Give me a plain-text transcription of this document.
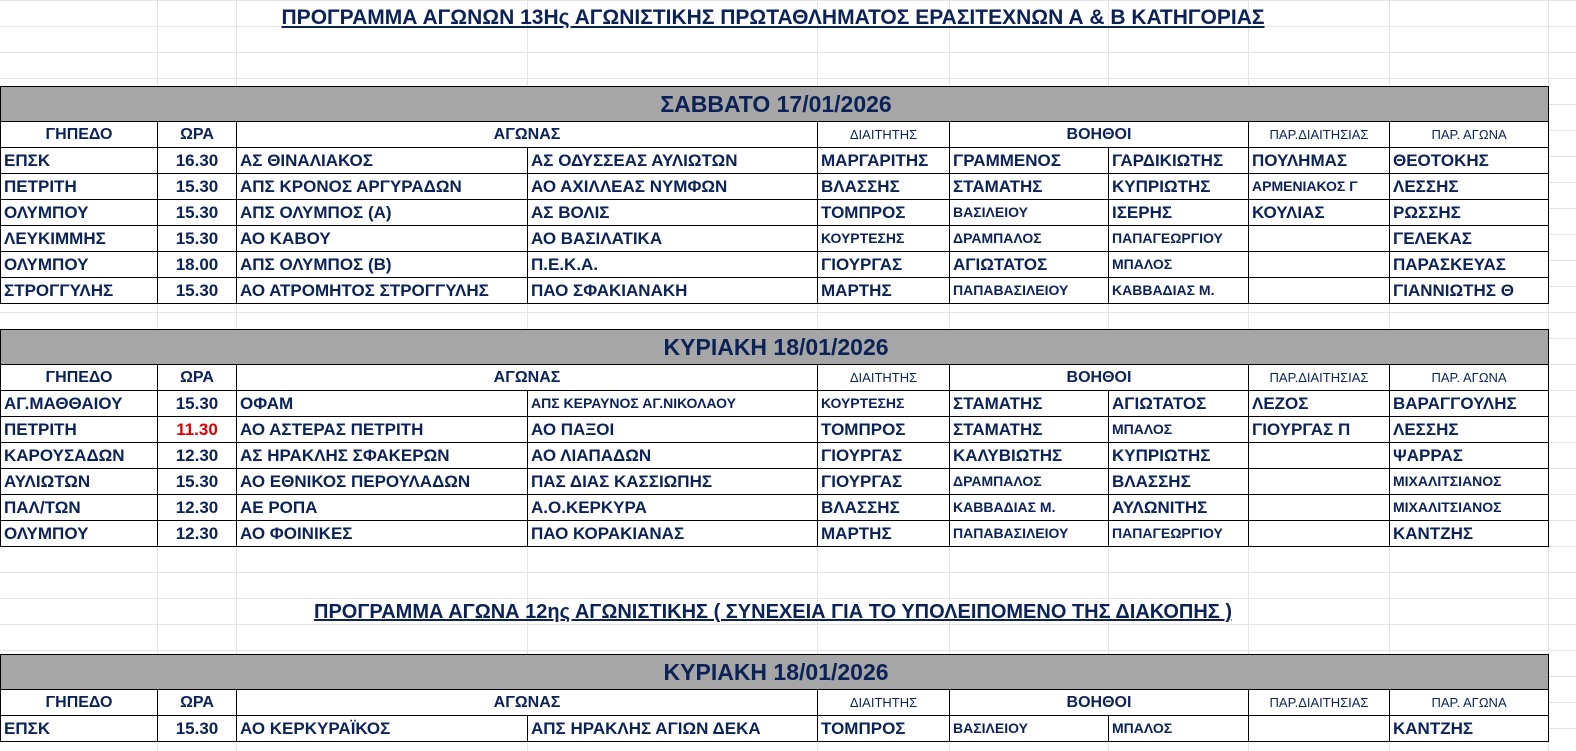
ΠΡΟΓΡΑΜΜΑ ΑΓΩΝΩΝ 13Ης ΑΓΩΝΙΣΤΙΚΗΣ ΠΡΩΤΑΘΛΗΜΑΤΟΣ ΕΡΑΣΙΤΕΧΝΩΝ Α & Β ΚΑΤΗΓΟΡΙΑΣ
ΣΑΒΒΑΤΟ 17/01/2026								
ΓΗΠΕΔΟ	ΩΡΑ	ΑΓΩΝΑΣ		ΔΙΑΙΤΗΤΗΣ	ΒΟΗΘΟΙ		ΠΑΡ.ΔΙΑΙΤΗΣΙΑΣ	ΠΑΡ. ΑΓΩΝΑ
ΕΠΣΚ	16.30	ΑΣ ΘΙΝΑΛΙΑΚΟΣ	ΑΣ ΟΔΥΣΣΕΑΣ ΑΥΛΙΩΤΩΝ	ΜΑΡΓΑΡΙΤΗΣ	ΓΡΑΜΜΕΝΟΣ	ΓΑΡΔΙΚΙΩΤΗΣ	ΠΟΥΛΗΜΑΣ	ΘΕΟΤΟΚΗΣ
ΠΕΤΡΙΤΗ	15.30	ΑΠΣ ΚΡΟΝΟΣ ΑΡΓΥΡΑΔΩΝ	ΑΟ ΑΧΙΛΛΕΑΣ ΝΥΜΦΩΝ	ΒΛΑΣΣΗΣ	ΣΤΑΜΑΤΗΣ	ΚΥΠΡΙΩΤΗΣ	ΑΡΜΕΝΙΑΚΟΣ Γ	ΛΕΣΣΗΣ
ΟΛΥΜΠΟΥ	15.30	ΑΠΣ ΟΛΥΜΠΟΣ (Α)	ΑΣ ΒΟΛΙΣ	ΤΟΜΠΡΟΣ	ΒΑΣΙΛΕΙΟΥ	ΙΣΕΡΗΣ	ΚΟΥΛΙΑΣ	ΡΩΣΣΗΣ
ΛΕΥΚΙΜΜΗΣ	15.30	ΑΟ ΚΑΒΟΥ	ΑΟ ΒΑΣΙΛΑΤΙΚΑ	ΚΟΥΡΤΕΣΗΣ	ΔΡΑΜΠΑΛΟΣ	ΠΑΠΑΓΕΩΡΓΙΟΥ		ΓΕΛΕΚΑΣ
ΟΛΥΜΠΟΥ	18.00	ΑΠΣ ΟΛΥΜΠΟΣ (Β)	Π.Ε.Κ.Α.	ΓΙΟΥΡΓΑΣ	ΑΓΙΩΤΑΤΟΣ	ΜΠΑΛΟΣ		ΠΑΡΑΣΚΕΥΑΣ
ΣΤΡΟΓΓΥΛΗΣ	15.30	ΑΟ ΑΤΡΟΜΗΤΟΣ ΣΤΡΟΓΓΥΛΗΣ	ΠΑΟ ΣΦΑΚΙΑΝΑΚΗ	ΜΑΡΤΗΣ	ΠΑΠΑΒΑΣΙΛΕΙΟΥ	ΚΑΒΒΑΔΙΑΣ Μ.		ΓΙΑΝΝΙΩΤΗΣ Θ
ΚΥΡΙΑΚΗ 18/01/2026								
ΓΗΠΕΔΟ	ΩΡΑ	ΑΓΩΝΑΣ		ΔΙΑΙΤΗΤΗΣ	ΒΟΗΘΟΙ		ΠΑΡ.ΔΙΑΙΤΗΣΙΑΣ	ΠΑΡ. ΑΓΩΝΑ
ΑΓ.ΜΑΘΘΑΙΟΥ	15.30	ΟΦΑΜ	ΑΠΣ ΚΕΡΑΥΝΟΣ ΑΓ.ΝΙΚΟΛΑΟΥ	ΚΟΥΡΤΕΣΗΣ	ΣΤΑΜΑΤΗΣ	ΑΓΙΩΤΑΤΟΣ	ΛΕΖΟΣ	ΒΑΡΑΓΓΟΥΛΗΣ
ΠΕΤΡΙΤΗ	11.30	ΑΟ ΑΣΤΕΡΑΣ ΠΕΤΡΙΤΗ	ΑΟ ΠΑΞΟΙ	ΤΟΜΠΡΟΣ	ΣΤΑΜΑΤΗΣ	ΜΠΑΛΟΣ	ΓΙΟΥΡΓΑΣ Π	ΛΕΣΣΗΣ
ΚΑΡΟΥΣΑΔΩΝ	12.30	ΑΣ ΗΡΑΚΛΗΣ ΣΦΑΚΕΡΩΝ	ΑΟ ΛΙΑΠΑΔΩΝ	ΓΙΟΥΡΓΑΣ	ΚΑΛΥΒΙΩΤΗΣ	ΚΥΠΡΙΩΤΗΣ		ΨΑΡΡΑΣ
ΑΥΛΙΩΤΩΝ	15.30	ΑΟ ΕΘΝΙΚΟΣ ΠΕΡΟΥΛΑΔΩΝ	ΠΑΣ ΔΙΑΣ ΚΑΣΣΙΩΠΗΣ	ΓΙΟΥΡΓΑΣ	ΔΡΑΜΠΑΛΟΣ	ΒΛΑΣΣΗΣ		ΜΙΧΑΛΙΤΣΙΑΝΟΣ
ΠΑΛ/ΤΩΝ	12.30	ΑΕ ΡΟΠΑ	Α.Ο.ΚΕΡΚΥΡΑ	ΒΛΑΣΣΗΣ	ΚΑΒΒΑΔΙΑΣ Μ.	ΑΥΛΩΝΙΤΗΣ		ΜΙΧΑΛΙΤΣΙΑΝΟΣ
ΟΛΥΜΠΟΥ	12.30	ΑΟ ΦΟΙΝΙΚΕΣ	ΠΑΟ ΚΟΡΑΚΙΑΝΑΣ	ΜΑΡΤΗΣ	ΠΑΠΑΒΑΣΙΛΕΙΟΥ	ΠΑΠΑΓΕΩΡΓΙΟΥ		ΚΑΝΤΖΗΣ
ΠΡΟΓΡΑΜΜΑ ΑΓΩΝΑ 12ης ΑΓΩΝΙΣΤΙΚΗΣ ( ΣΥΝΕΧΕΙΑ ΓΙΑ ΤΟ ΥΠΟΛΕΙΠΟΜΕΝΟ ΤΗΣ ΔΙΑΚΟΠΗΣ )
ΚΥΡΙΑΚΗ 18/01/2026								
ΓΗΠΕΔΟ	ΩΡΑ	ΑΓΩΝΑΣ		ΔΙΑΙΤΗΤΗΣ	ΒΟΗΘΟΙ		ΠΑΡ.ΔΙΑΙΤΗΣΙΑΣ	ΠΑΡ. ΑΓΩΝΑ
ΕΠΣΚ	15.30	ΑΟ ΚΕΡΚΥΡΑΪΚΟΣ	ΑΠΣ ΗΡΑΚΛΗΣ ΑΓΙΩΝ ΔΕΚΑ	ΤΟΜΠΡΟΣ	ΒΑΣΙΛΕΙΟΥ	ΜΠΑΛΟΣ		ΚΑΝΤΖΗΣ
